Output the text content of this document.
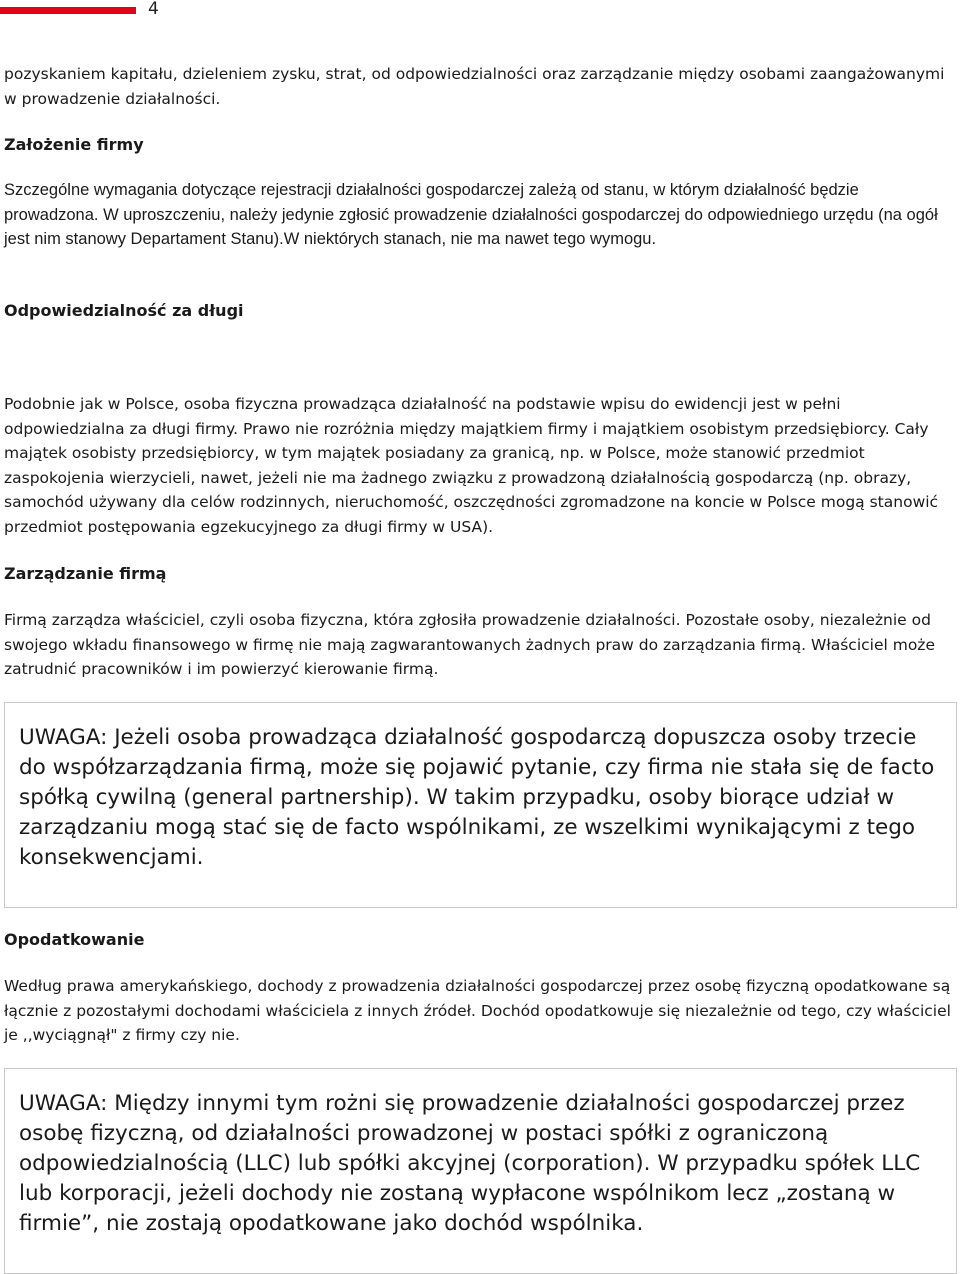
4

pozyskaniem kapitału, dzieleniem zysku, strat, od odpowiedzialności oraz zarządzanie między osobami zaangażowanymi w prowadzenie działalności.

Założenie firmy

Szczególne wymagania dotyczące rejestracji działalności gospodarczej zależą od stanu, w którym działalność będzie prowadzona. W uproszczeniu, należy jedynie zgłosić prowadzenie działalności gospodarczej do odpowiedniego urzędu (na ogół jest nim stanowy Departament Stanu).W niektórych stanach, nie ma nawet tego wymogu.

Odpowiedzialność za długi

Podobnie jak w Polsce, osoba fizyczna prowadząca działalność na podstawie wpisu do ewidencji jest w pełni odpowiedzialna za długi firmy. Prawo nie rozróżnia między majątkiem firmy i majątkiem osobistym przedsiębiorcy. Cały majątek osobisty przedsiębiorcy, w tym majątek posiadany za granicą, np. w Polsce, może stanowić przedmiot zaspokojenia wierzycieli, nawet, jeżeli nie ma żadnego związku z prowadzoną działalnością gospodarczą (np. obrazy, samochód używany dla celów rodzinnych, nieruchomość, oszczędności zgromadzone na koncie w Polsce mogą stanowić przedmiot postępowania egzekucyjnego za długi firmy w USA).

Zarządzanie firmą

Firmą zarządza właściciel, czyli osoba fizyczna, która zgłosiła prowadzenie działalności. Pozostałe osoby, niezależnie od swojego wkładu finansowego w firmę nie mają zagwarantowanych żadnych praw do zarządzania firmą. Właściciel może zatrudnić pracowników i im powierzyć kierowanie firmą.

UWAGA: Jeżeli osoba prowadząca działalność gospodarczą dopuszcza osoby trzecie do współzarządzania firmą, może się pojawić pytanie, czy firma nie stała się de facto spółką cywilną (general partnership). W takim przypadku, osoby biorące udział w zarządzaniu mogą stać się de facto wspólnikami, ze wszelkimi wynikającymi z tego konsekwencjami.

Opodatkowanie

Według prawa amerykańskiego, dochody z prowadzenia działalności gospodarczej przez osobę fizyczną opodatkowane są łącznie z pozostałymi dochodami właściciela z innych źródeł. Dochód opodatkowuje się niezależnie od tego, czy właściciel je ,,wyciągnął" z firmy czy nie.

UWAGA: Między innymi tym rożni się prowadzenie działalności gospodarczej przez osobę fizyczną, od działalności prowadzonej w postaci spółki z ograniczoną odpowiedzialnością (LLC) lub spółki akcyjnej (corporation). W przypadku spółek LLC lub korporacji, jeżeli dochody nie zostaną wypłacone wspólnikom lecz „zostaną w firmie”, nie zostają opodatkowane jako dochód wspólnika.
